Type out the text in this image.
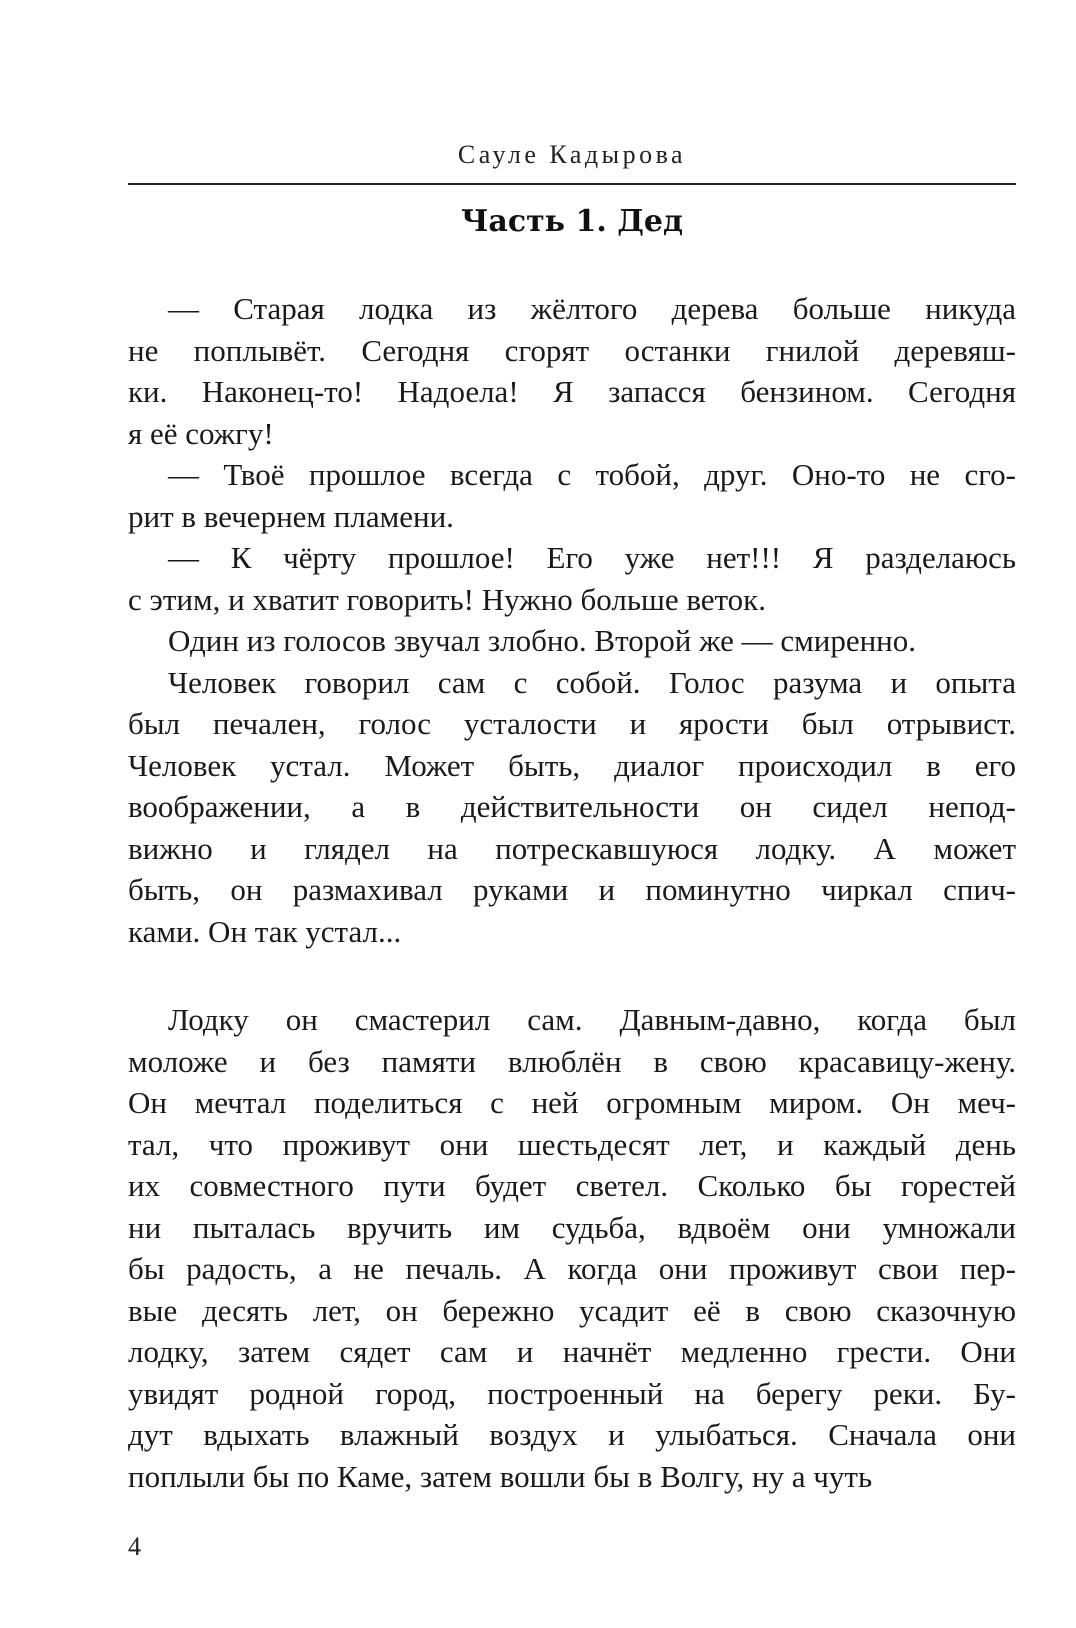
Сауле Кадырова
Часть 1. Дед
— Старая лодка из жёлтого дерева больше никуда
не поплывёт. Сегодня сгорят останки гнилой деревяш-
ки. Наконец-то! Надоела! Я запасся бензином. Сегодня
я её сожгу!
— Твоё прошлое всегда с тобой, друг. Оно-то не сго-
рит в вечернем пламени.
— К чёрту прошлое! Его уже нет!!! Я разделаюсь
с этим, и хватит говорить! Нужно больше веток.
Один из голосов звучал злобно. Второй же — смиренно.
Человек говорил сам с собой. Голос разума и опыта
был печален, голос усталости и ярости был отрывист.
Человек устал. Может быть, диалог происходил в его
воображении, а в действительности он сидел непод-
вижно и глядел на потрескавшуюся лодку. А может
быть, он размахивал руками и поминутно чиркал спич-
ками. Он так устал...
Лодку он смастерил сам. Давным-давно, когда был
моложе и без памяти влюблён в свою красавицу-жену.
Он мечтал поделиться с ней огромным миром. Он меч-
тал, что проживут они шестьдесят лет, и каждый день
их совместного пути будет светел. Сколько бы горестей
ни пыталась вручить им судьба, вдвоём они умножали
бы радость, а не печаль. А когда они проживут свои пер-
вые десять лет, он бережно усадит её в свою сказочную
лодку, затем сядет сам и начнёт медленно грести. Они
увидят родной город, построенный на берегу реки. Бу-
дут вдыхать влажный воздух и улыбаться. Сначала они
поплыли бы по Каме, затем вошли бы в Волгу, ну а чуть
4
